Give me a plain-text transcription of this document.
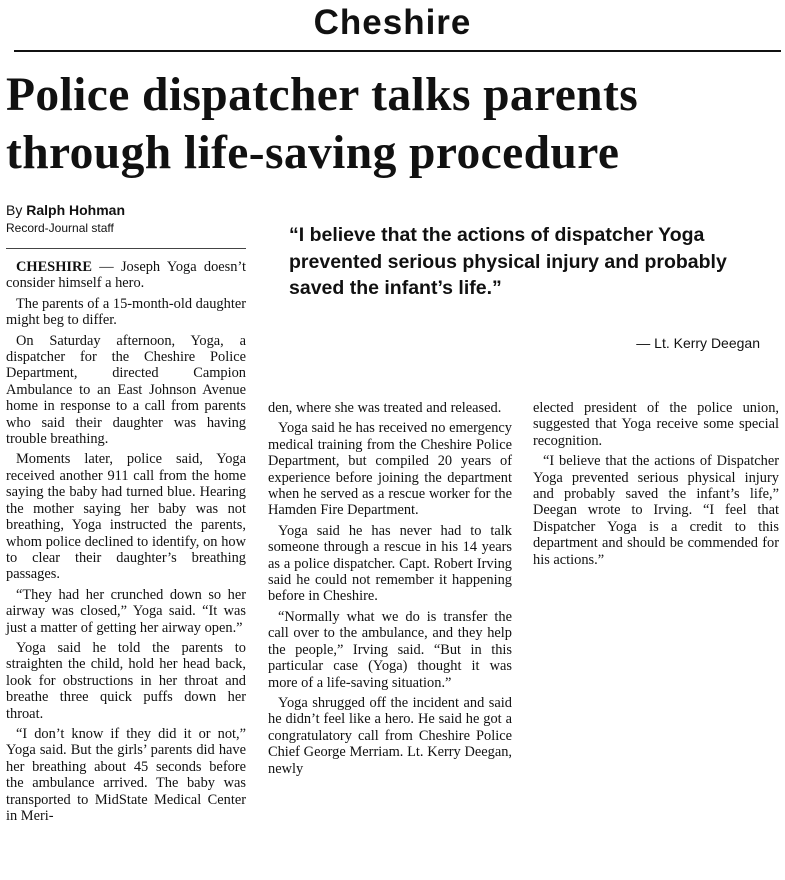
Cheshire
Police dispatcher talks parents through life-saving procedure
By Ralph Hohman
Record-Journal staff	“I believe that the actions of dispatcher Yoga prevented serious physical injury and probably saved the infant’s life.”
— Lt. Kerry Deegan

CHESHIRE — Joseph Yoga doesn’t consider himself a hero.

The parents of a 15-month-old daughter might beg to differ.

On Saturday afternoon, Yoga, a dispatcher for the Cheshire Police Department, directed Campion Ambulance to an East Johnson Avenue home in response to a call from parents who said their daughter was having trouble breathing.

Moments later, police said, Yoga received another 911 call from the home saying the baby had turned blue. Hearing the mother saying her baby was not breathing, Yoga instructed the parents, whom police declined to identify, on how to clear their daughter’s breathing passages.

“They had her crunched down so her airway was closed,” Yoga said. “It was just a matter of getting her airway open.”

Yoga said he told the parents to straighten the child, hold her head back, look for obstructions in her throat and breathe three quick puffs down her throat.

“I don’t know if they did it or not,” Yoga said. But the girls’ parents did have her breathing about 45 seconds before the ambulance arrived. The baby was transported to MidState Medical Center in Meri-

den, where she was treated and released.

Yoga said he has received no emergency medical training from the Cheshire Police Department, but compiled 20 years of experience before joining the department when he served as a rescue worker for the Hamden Fire Department.

Yoga said he has never had to talk someone through a rescue in his 14 years as a police dispatcher. Capt. Robert Irving said he could not remember it happening before in Cheshire.

“Normally what we do is transfer the call over to the ambulance, and they help the people,” Irving said. “But in this particular case (Yoga) thought it was more of a life-saving situation.”

Yoga shrugged off the incident and said he didn’t feel like a hero. He said he got a congratulatory call from Cheshire Police Chief George Merriam. Lt. Kerry Deegan, newly

elected president of the police union, suggested that Yoga receive some special recognition.

“I believe that the actions of Dispatcher Yoga prevented serious physical injury and probably saved the infant’s life,” Deegan wrote to Irving. “I feel that Dispatcher Yoga is a credit to this department and should be commended for his actions.”
